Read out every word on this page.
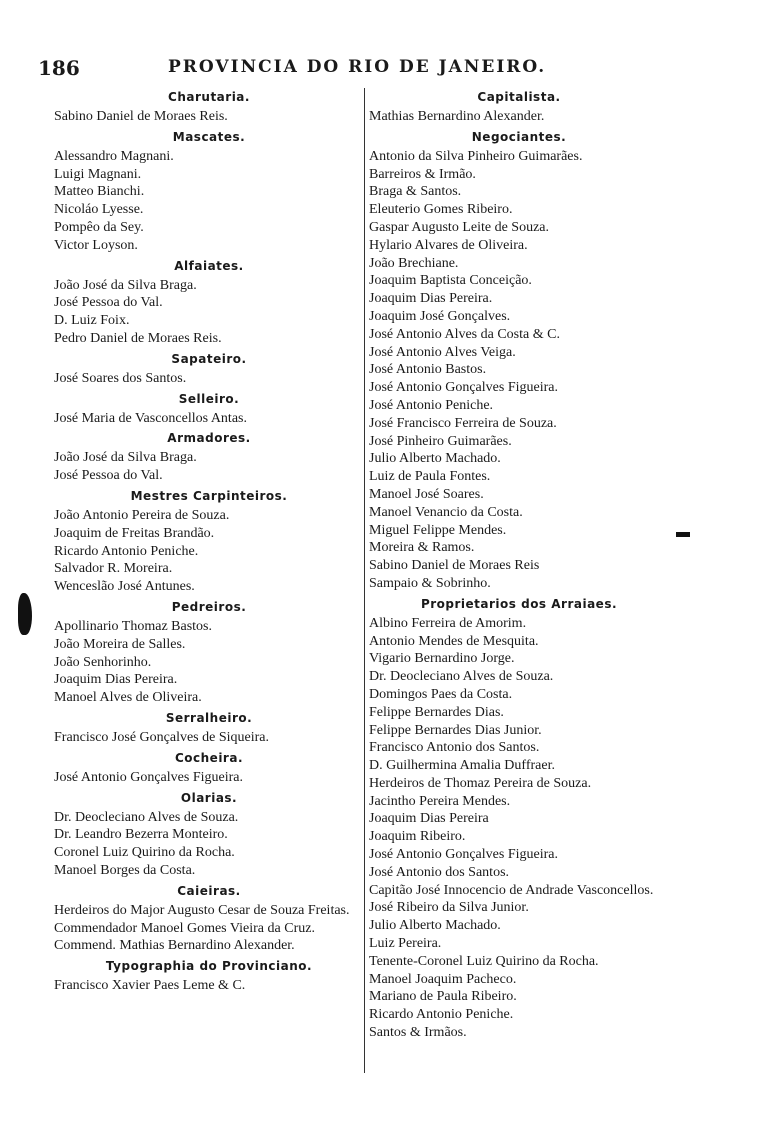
186	PROVINCIA DO RIO DE JANEIRO.
Charutaria.
Sabino Daniel de Moraes Reis.
Mascates.
Alessandro Magnani.
Luigi Magnani.
Matteo Bianchi.
Nicoláo Lyesse.
Pompêo da Sey.
Victor Loyson.
Alfaiates.
João José da Silva Braga.
José Pessoa do Val.
D. Luiz Foix.
Pedro Daniel de Moraes Reis.
Sapateiro.
José Soares dos Santos.
Selleiro.
José Maria de Vasconcellos Antas.
Armadores.
João José da Silva Braga.
José Pessoa do Val.
Mestres Carpinteiros.
João Antonio Pereira de Souza.
Joaquim de Freitas Brandão.
Ricardo Antonio Peniche.
Salvador R. Moreira.
Wenceslão José Antunes.
Pedreiros.
Apollinario Thomaz Bastos.
João Moreira de Salles.
João Senhorinho.
Joaquim Dias Pereira.
Manoel Alves de Oliveira.
Serralheiro.
Francisco José Gonçalves de Siqueira.
Cocheira.
José Antonio Gonçalves Figueira.
Olarias.
Dr. Deocleciano Alves de Souza.
Dr. Leandro Bezerra Monteiro.
Coronel Luiz Quirino da Rocha.
Manoel Borges da Costa.
Caieiras.
Herdeiros do Major Augusto Cesar de Souza Freitas.
Commendador Manoel Gomes Vieira da Cruz.
Commend. Mathias Bernardino Alexander.
Typographia do Provinciano.
Francisco Xavier Paes Leme & C.
Capitalista.
Mathias Bernardino Alexander.
Negociantes.
Antonio da Silva Pinheiro Guimarães.
Barreiros & Irmão.
Braga & Santos.
Eleuterio Gomes Ribeiro.
Gaspar Augusto Leite de Souza.
Hylario Alvares de Oliveira.
João Brechiane.
Joaquim Baptista Conceição.
Joaquim Dias Pereira.
Joaquim José Gonçalves.
José Antonio Alves da Costa & C.
José Antonio Alves Veiga.
José Antonio Bastos.
José Antonio Gonçalves Figueira.
José Antonio Peniche.
José Francisco Ferreira de Souza.
José Pinheiro Guimarães.
Julio Alberto Machado.
Luiz de Paula Fontes.
Manoel José Soares.
Manoel Venancio da Costa.
Miguel Felippe Mendes.
Moreira & Ramos.
Sabino Daniel de Moraes Reis
Sampaio & Sobrinho.
Proprietarios dos Arraiaes.
Albino Ferreira de Amorim.
Antonio Mendes de Mesquita.
Vigario Bernardino Jorge.
Dr. Deocleciano Alves de Souza.
Domingos Paes da Costa.
Felippe Bernardes Dias.
Felippe Bernardes Dias Junior.
Francisco Antonio dos Santos.
D. Guilhermina Amalia Duffraer.
Herdeiros de Thomaz Pereira de Souza.
Jacintho Pereira Mendes.
Joaquim Dias Pereira
Joaquim Ribeiro.
José Antonio Gonçalves Figueira.
José Antonio dos Santos.
Capitão José Innocencio de Andrade Vasconcellos.
José Ribeiro da Silva Junior.
Julio Alberto Machado.
Luiz Pereira.
Tenente-Coronel Luiz Quirino da Rocha.
Manoel Joaquim Pacheco.
Mariano de Paula Ribeiro.
Ricardo Antonio Peniche.
Santos & Irmãos.
